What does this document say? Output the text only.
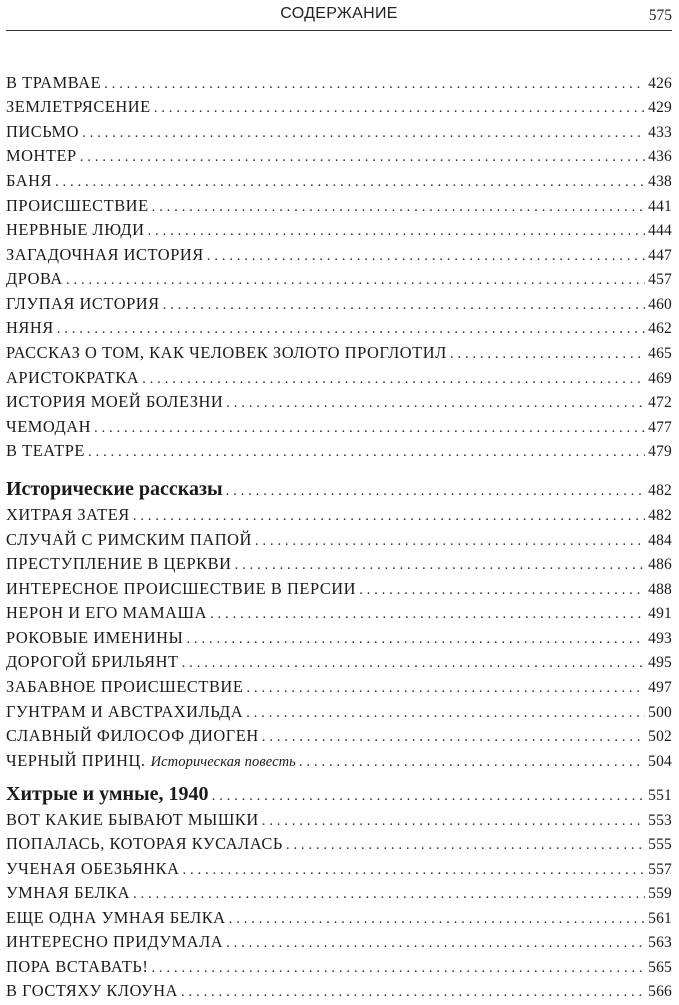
СОДЕРЖАНИЕ	575
В ТРАМВАЕ . . .	426
ЗЕМЛЕТРЯСЕНИЕ . . .	429
ПИСЬМО . . .	433
МОНТЕР . . .	436
БАНЯ . . .	438
ПРОИСШЕСТВИЕ . . .	441
НЕРВНЫЕ ЛЮДИ . . .	444
ЗАГАДОЧНАЯ ИСТОРИЯ . . .	447
ДРОВА . . .	457
ГЛУПАЯ ИСТОРИЯ . . .	460
НЯНЯ . . .	462
РАССКАЗ О ТОМ, КАК ЧЕЛОВЕК ЗОЛОТО ПРОГЛОТИЛ . . .	465
АРИСТОКРАТКА . . .	469
ИСТОРИЯ МОЕЙ БОЛЕЗНИ . . .	472
ЧЕМОДАН . . .	477
В ТЕАТРЕ . . .	479
Исторические рассказы . . .	482
ХИТРАЯ ЗАТЕЯ . . .	482
СЛУЧАЙ С РИМСКИМ ПАПОЙ . . .	484
ПРЕСТУПЛЕНИЕ В ЦЕРКВИ . . .	486
ИНТЕРЕСНОЕ ПРОИСШЕСТВИЕ В ПЕРСИИ . . .	488
НЕРОН И ЕГО МАМАША . . .	491
РОКОВЫЕ ИМЕНИНЫ . . .	493
ДОРОГОЙ БРИЛЬЯНТ . . .	495
ЗАБАВНОЕ ПРОИСШЕСТВИЕ . . .	497
ГУНТРАМ И АВСТРАХИЛЬДА . . .	500
СЛАВНЫЙ ФИЛОСОФ ДИОГЕН . . .	502
ЧЕРНЫЙ ПРИНЦ. Историческая повесть . . .	504
Хитрые и умные, 1940 . . .	551
ВОТ КАКИЕ БЫВАЮТ МЫШКИ . . .	553
ПОПАЛАСЬ, КОТОРАЯ КУСАЛАСЬ . . .	555
УЧЕНАЯ ОБЕЗЬЯНКА . . .	557
УМНАЯ БЕЛКА . . .	559
ЕЩЕ ОДНА УМНАЯ БЕЛКА . . .	561
ИНТЕРЕСНО ПРИДУМАЛА . . .	563
ПОРА ВСТАВАТЬ! . . .	565
В ГОСТЯХУ КЛОУНА . . .	566
